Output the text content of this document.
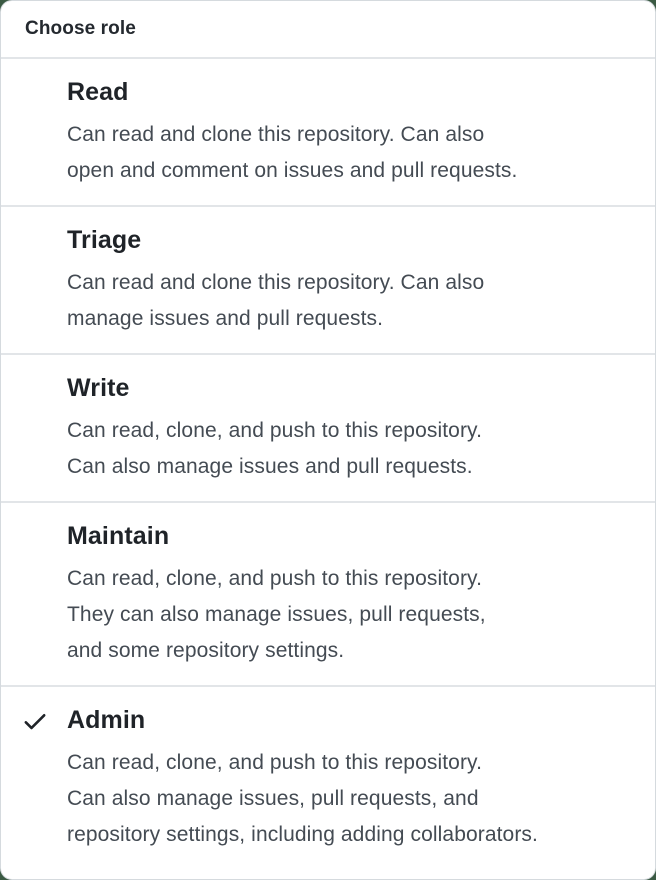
Choose role
Read
Can read and clone this repository. Can also
open and comment on issues and pull requests.
Triage
Can read and clone this repository. Can also
manage issues and pull requests.
Write
Can read, clone, and push to this repository.
Can also manage issues and pull requests.
Maintain
Can read, clone, and push to this repository.
They can also manage issues, pull requests,
and some repository settings.
Admin
Can read, clone, and push to this repository.
Can also manage issues, pull requests, and
repository settings, including adding collaborators.
